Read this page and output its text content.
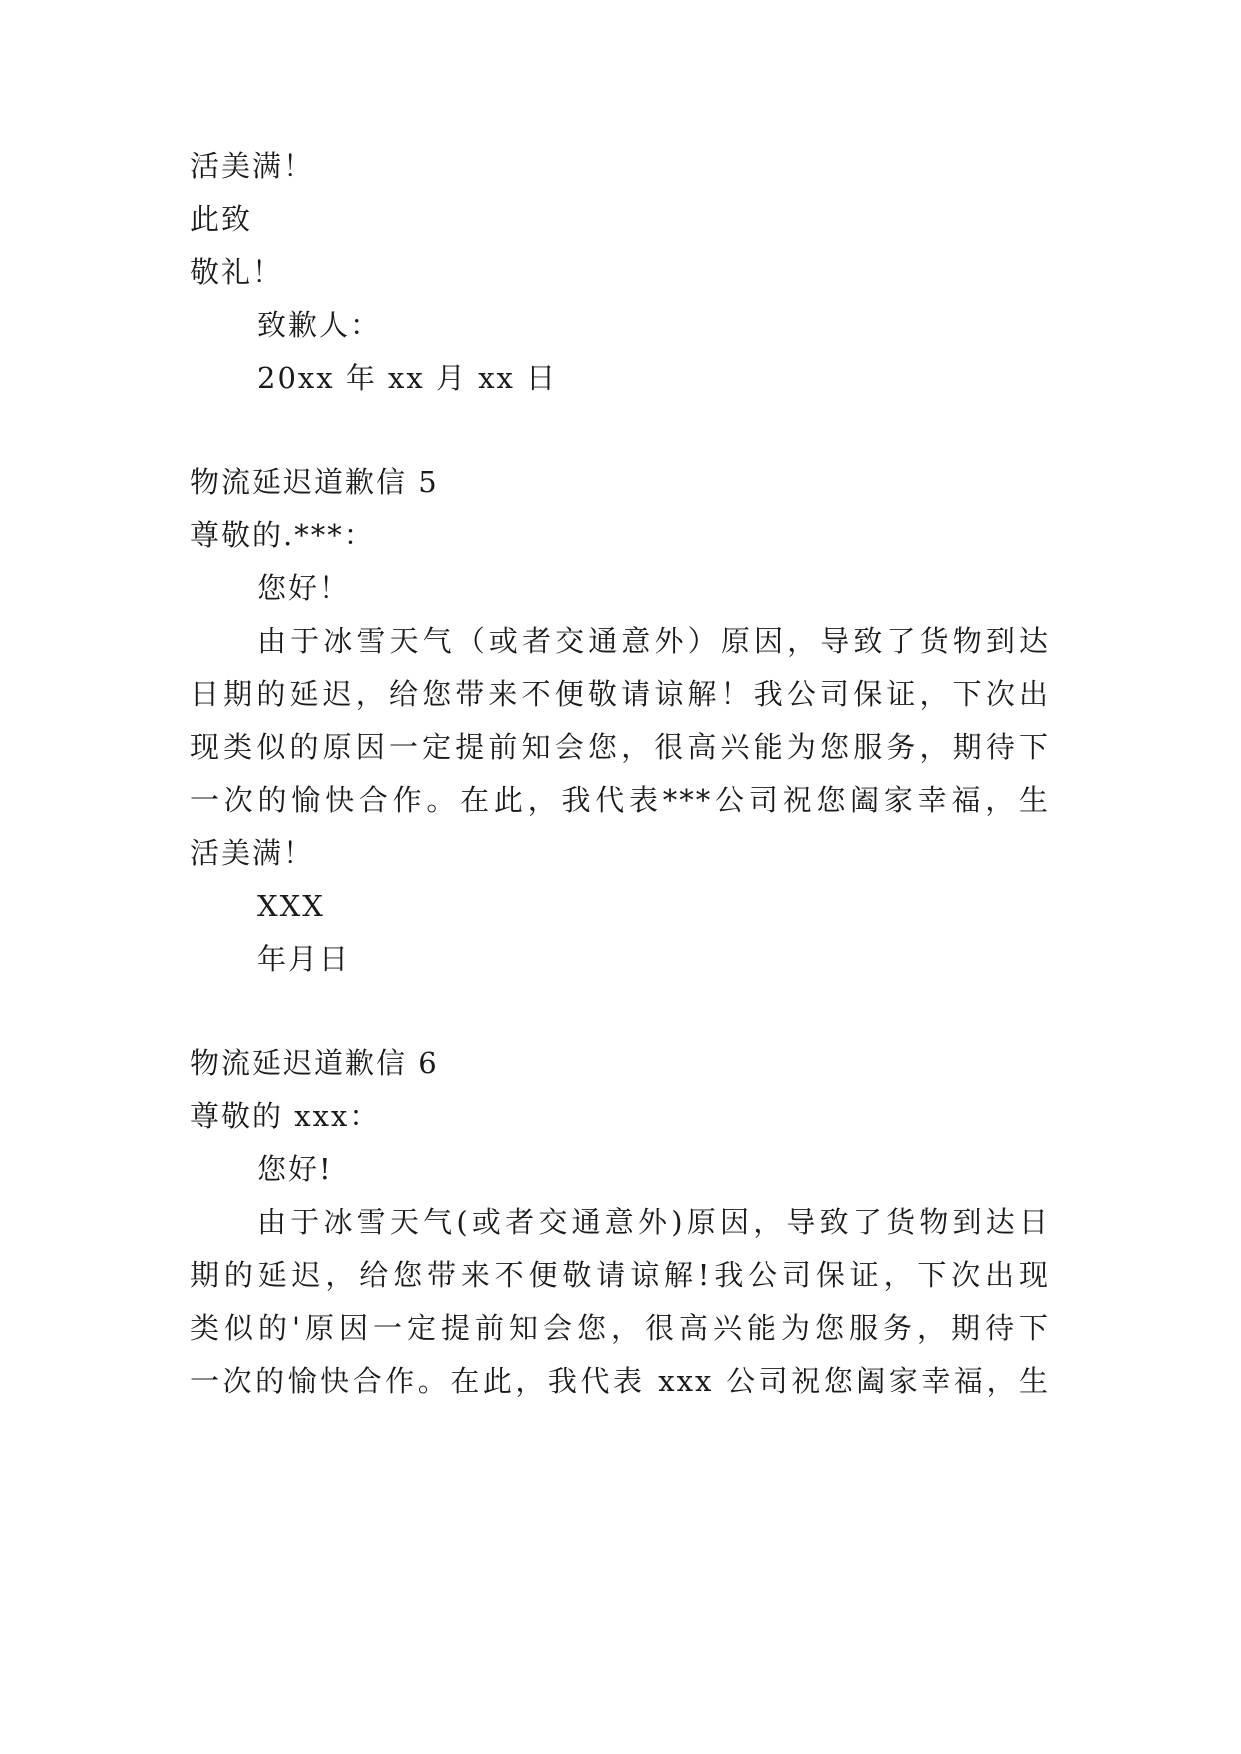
活美满！
此致
敬礼！
致歉人：
20xx 年 xx 月 xx 日
物流延迟道歉信 5
尊敬的.***：
您好！
由于冰雪天气（或者交通意外）原因，导致了货物到达
日期的延迟，给您带来不便敬请谅解！我公司保证，下次出
现类似的原因一定提前知会您，很高兴能为您服务，期待下
一次的愉快合作。在此，我代表***公司祝您阖家幸福，生
活美满！
XXX
年月日
物流延迟道歉信 6
尊敬的 xxx：
您好!
由于冰雪天气(或者交通意外)原因，导致了货物到达日
期的延迟，给您带来不便敬请谅解!我公司保证，下次出现
类似的'原因一定提前知会您，很高兴能为您服务，期待下
一次的愉快合作。在此，我代表 xxx 公司祝您阖家幸福，生
